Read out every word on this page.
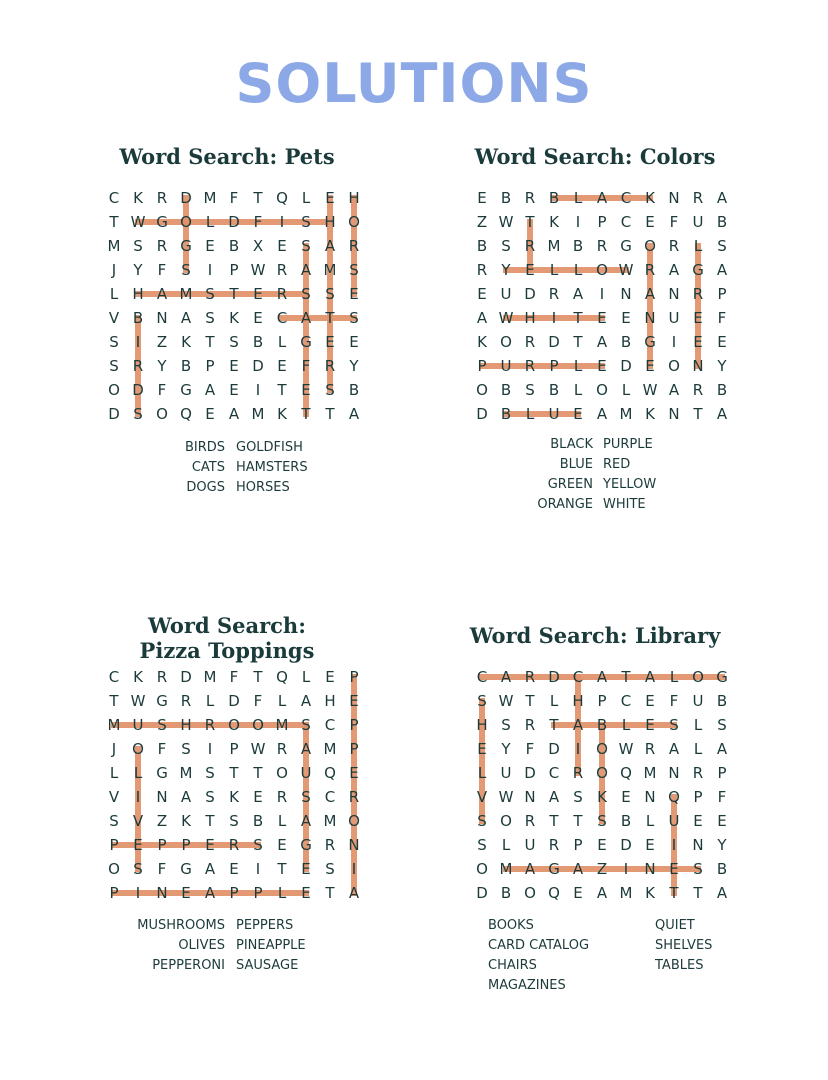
SOLUTIONS
Word Search: Pets
CKRDMFTQLEH
TWGOLDFISHO
MSRGEBXESAR
JYFSIPWRAMS
LHAMSTERSSE
VBNASKECATS
SIZKTSBLGEE
SRYBPEDEFRY
ODFGAEITESB
DSOQEAMKTTA
BIRDS
CATS
DOGS
GOLDFISH
HAMSTERS
HORSES
Word Search: Colors
EBRBLACKNRA
ZWTKIPCEFUB
BSRMBRGORLS
RYELLOWRAGA
EUDRAINANRP
AWHITEENUEF
KORDTABGIEE
PURPLEDEONY
OBSBLOLWARB
DBLUEAMKNTA
BLACK
BLUE
GREEN
ORANGE
PURPLE
RED
YELLOW
WHITE
Word Search:
Pizza Toppings
CKRDMFTQLEP
TWGRLDFLAHE
MUSHROOMSCP
JOFSIPWRAMP
LLGMSTTOUQE
VINASKERSCR
SVZKTSBLAMO
PEPPERSEGRN
OSFGAEITESI
PINEAPPLETA
MUSHROOMS
OLIVES
PEPPERONI
PEPPERS
PINEAPPLE
SAUSAGE
Word Search: Library
CARDCATALOG
SWTLHPCEFUB
HSRTABLESLS
EYFDIOWRALA
LUDCROQMNRP
VWNASKENQPF
SORTTSBLUEE
SLURPEDEINY
OMAGAZINESB
DBOQEAMKTTA
BOOKS
CARD CATALOG
CHAIRS
MAGAZINES
QUIET
SHELVES
TABLES
